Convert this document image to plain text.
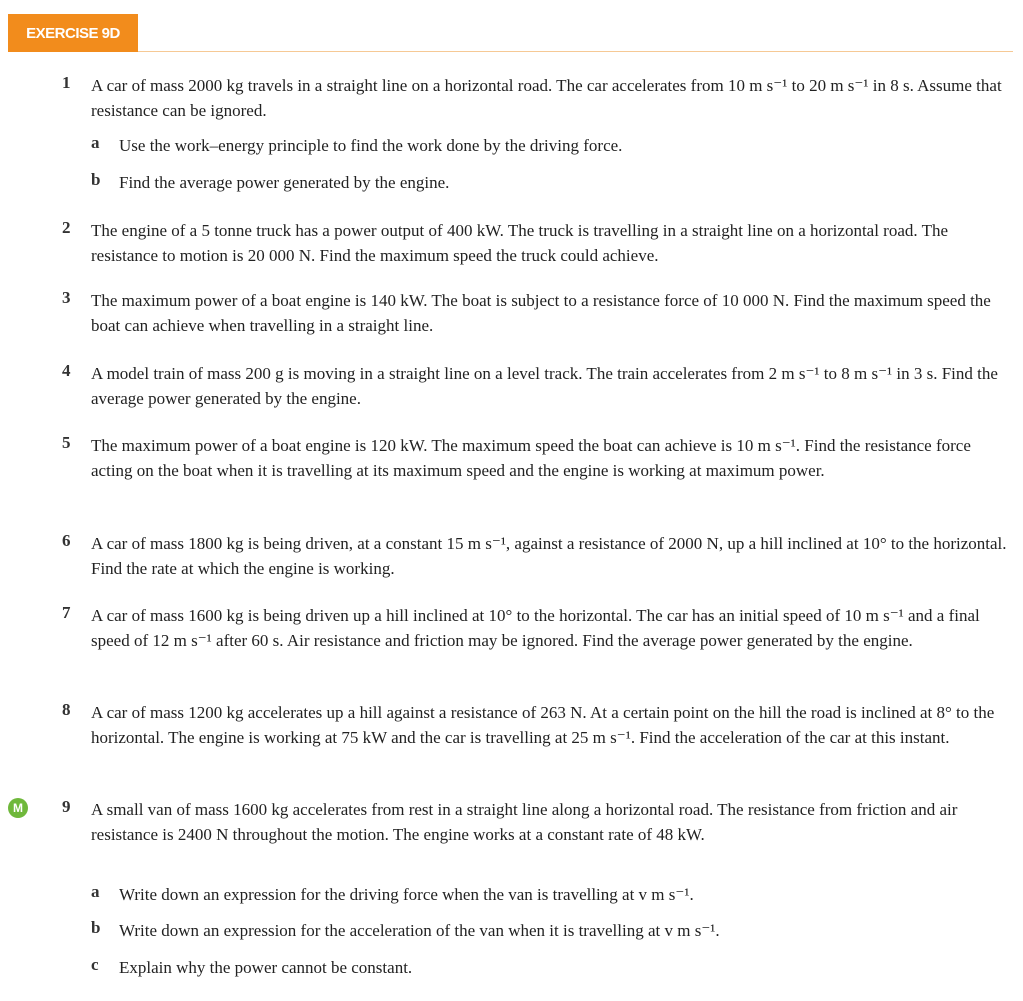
EXERCISE 9D
M
1 A car of mass 2000 kg travels in a straight line on a horizontal road. The car accelerates from 10 m s⁻¹ to 20 m s⁻¹ in 8 s. Assume that resistance can be ignored.
a Use the work–energy principle to find the work done by the driving force.
b Find the average power generated by the engine.
2 The engine of a 5 tonne truck has a power output of 400 kW. The truck is travelling in a straight line on a horizontal road. The resistance to motion is 20 000 N. Find the maximum speed the truck could achieve.
3 The maximum power of a boat engine is 140 kW. The boat is subject to a resistance force of 10 000 N. Find the maximum speed the boat can achieve when travelling in a straight line.
4 A model train of mass 200 g is moving in a straight line on a level track. The train accelerates from 2 m s⁻¹ to 8 m s⁻¹ in 3 s. Find the average power generated by the engine.
5 The maximum power of a boat engine is 120 kW. The maximum speed the boat can achieve is 10 m s⁻¹. Find the resistance force acting on the boat when it is travelling at its maximum speed and the engine is working at maximum power.
6 A car of mass 1800 kg is being driven, at a constant 15 m s⁻¹, against a resistance of 2000 N, up a hill inclined at 10° to the horizontal. Find the rate at which the engine is working.
7 A car of mass 1600 kg is being driven up a hill inclined at 10° to the horizontal. The car has an initial speed of 10 m s⁻¹ and a final speed of 12 m s⁻¹ after 60 s. Air resistance and friction may be ignored. Find the average power generated by the engine.
8 A car of mass 1200 kg accelerates up a hill against a resistance of 263 N. At a certain point on the hill the road is inclined at 8° to the horizontal. The engine is working at 75 kW and the car is travelling at 25 m s⁻¹. Find the acceleration of the car at this instant.
9 A small van of mass 1600 kg accelerates from rest in a straight line along a horizontal road. The resistance from friction and air resistance is 2400 N throughout the motion. The engine works at a constant rate of 48 kW.
a Write down an expression for the driving force when the van is travelling at v m s⁻¹.
b Write down an expression for the acceleration of the van when it is travelling at v m s⁻¹.
c Explain why the power cannot be constant.
